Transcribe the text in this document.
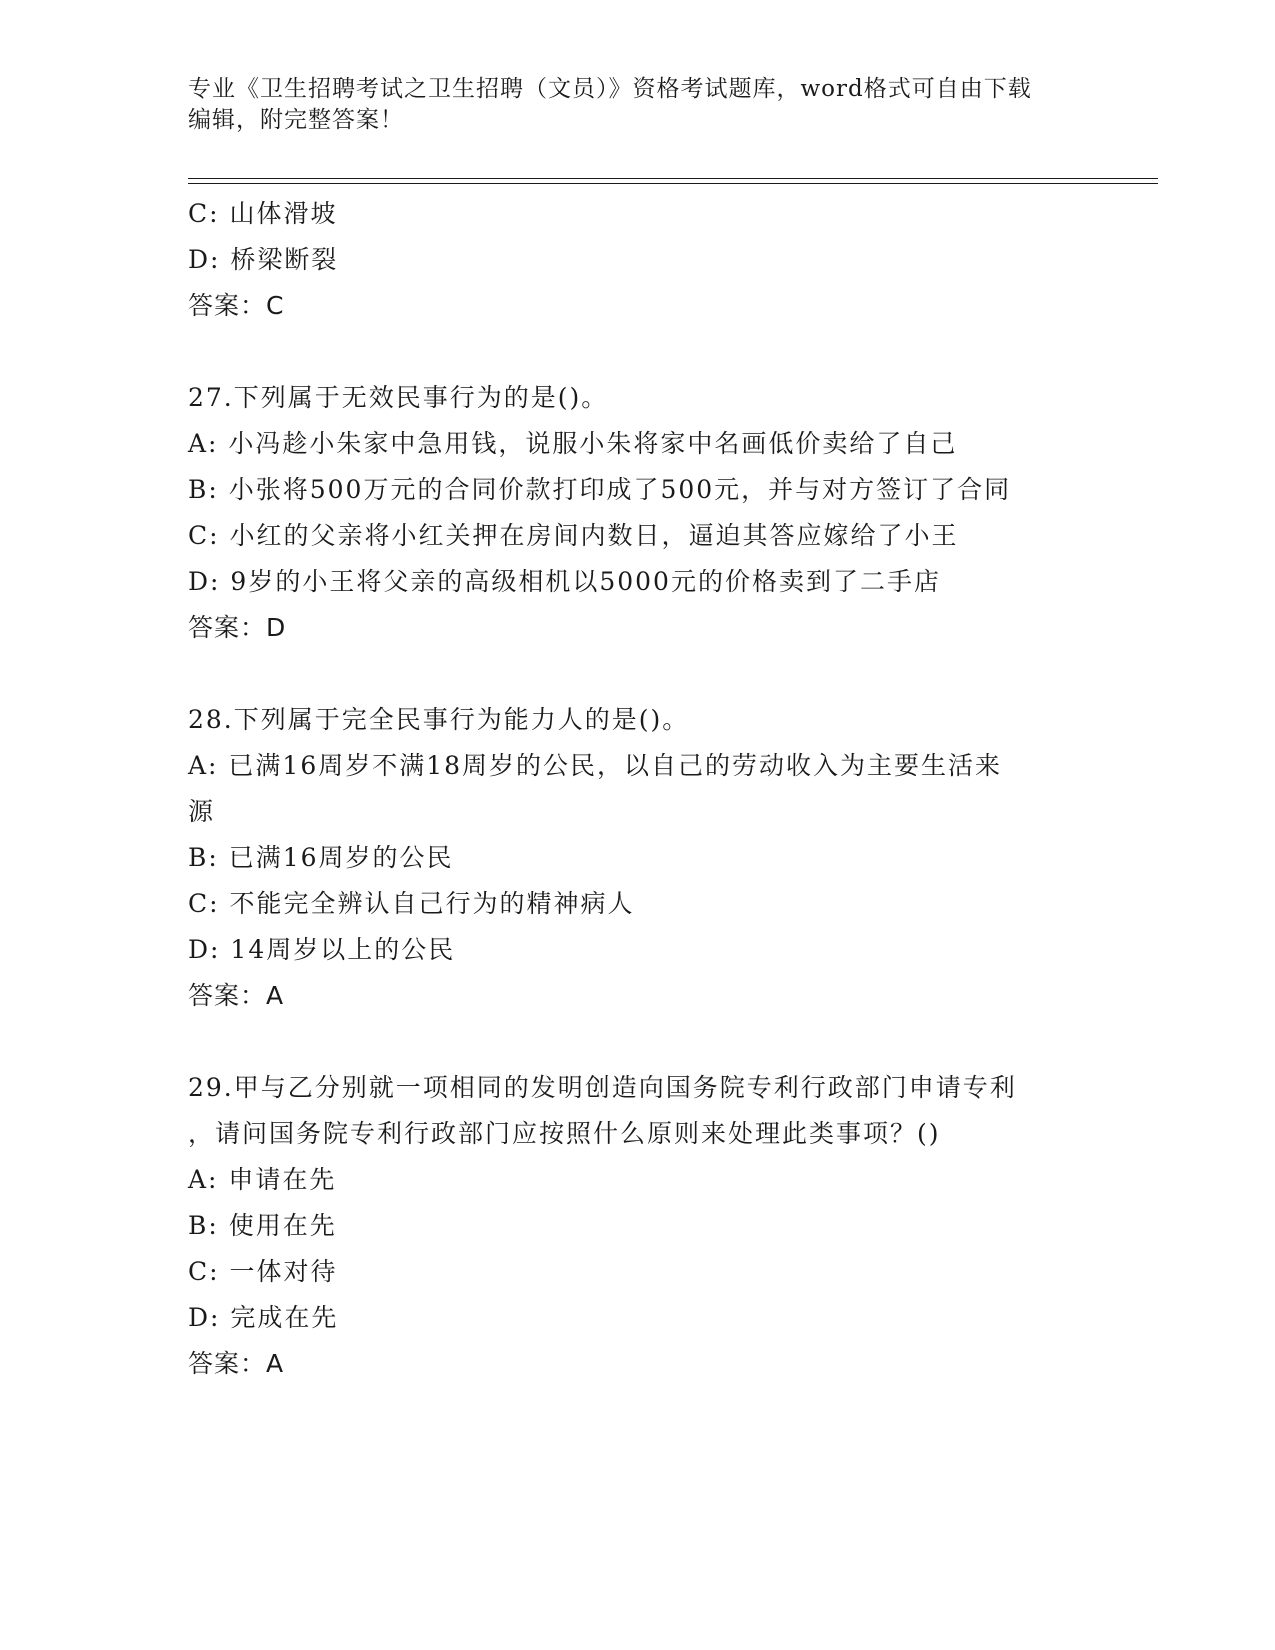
专业《卫生招聘考试之卫生招聘（文员）》资格考试题库，word格式可自由下载
编辑，附完整答案！
C: 山体滑坡
D: 桥梁断裂
答案：C
27.下列属于无效民事行为的是()。
A: 小冯趁小朱家中急用钱，说服小朱将家中名画低价卖给了自己
B: 小张将500万元的合同价款打印成了500元，并与对方签订了合同
C: 小红的父亲将小红关押在房间内数日，逼迫其答应嫁给了小王
D: 9岁的小王将父亲的高级相机以5000元的价格卖到了二手店
答案：D
28.下列属于完全民事行为能力人的是()。
A: 已满16周岁不满18周岁的公民，以自己的劳动收入为主要生活来
源
B: 已满16周岁的公民
C: 不能完全辨认自己行为的精神病人
D: 14周岁以上的公民
答案：A
29.甲与乙分别就一项相同的发明创造向国务院专利行政部门申请专利
，请问国务院专利行政部门应按照什么原则来处理此类事项？()
A: 申请在先
B: 使用在先
C: 一体对待
D: 完成在先
答案：A
